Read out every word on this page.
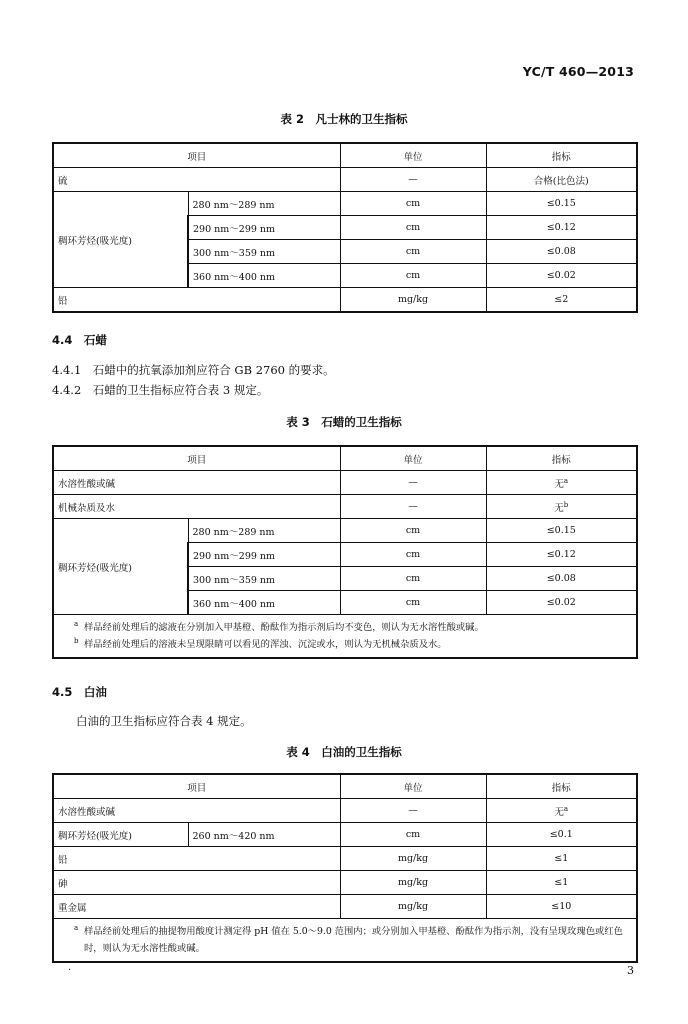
YC/T 460—2013
表 2　凡士林的卫生指标
项目		单位	指标
硫		—	合格(比色法)
稠环芳烃(吸光度)	280 nm～289 nm	cm	≤0.15
	290 nm～299 nm	cm	≤0.12
	300 nm～359 nm	cm	≤0.08
	360 nm～400 nm	cm	≤0.02
铅		mg/kg	≤2
4.4　石蜡
4.4.1　石蜡中的抗氧添加剂应符合 GB 2760 的要求。
4.4.2　石蜡的卫生指标应符合表 3 规定。
表 3　石蜡的卫生指标
项目		单位	指标
水溶性酸或碱		—	无$^a$
机械杂质及水		—	无$^b$
稠环芳烃(吸光度)	280 nm～289 nm	cm	≤0.15
	290 nm～299 nm	cm	≤0.12
	300 nm～359 nm	cm	≤0.08
	360 nm～400 nm	cm	≤0.02

a 样品经前处理后的滤液在分别加入甲基橙、酚酞作为指示剂后均不变色，则认为无水溶性酸或碱。
b 样品经前处理后的溶液未呈现限睛可以看见的浑浊、沉淀或水，则认为无机械杂质及水。			
4.5　白油
白油的卫生指标应符合表 4 规定。
表 4　白油的卫生指标
项目		单位	指标
水溶性酸或碱		—	无$^a$
稠环芳烃(吸光度)	260 nm～420 nm	cm	≤0.1
铅		mg/kg	≤1
砷		mg/kg	≤1
重金属		mg/kg	≤10

a 样品经前处理后的抽提物用酸度计测定得 pH 值在 5.0～9.0 范围内；或分别加入甲基橙、酚酞作为指示剂，没有呈现玫瑰色或红色时，则认为无水溶性酸或碱。			
.	3
